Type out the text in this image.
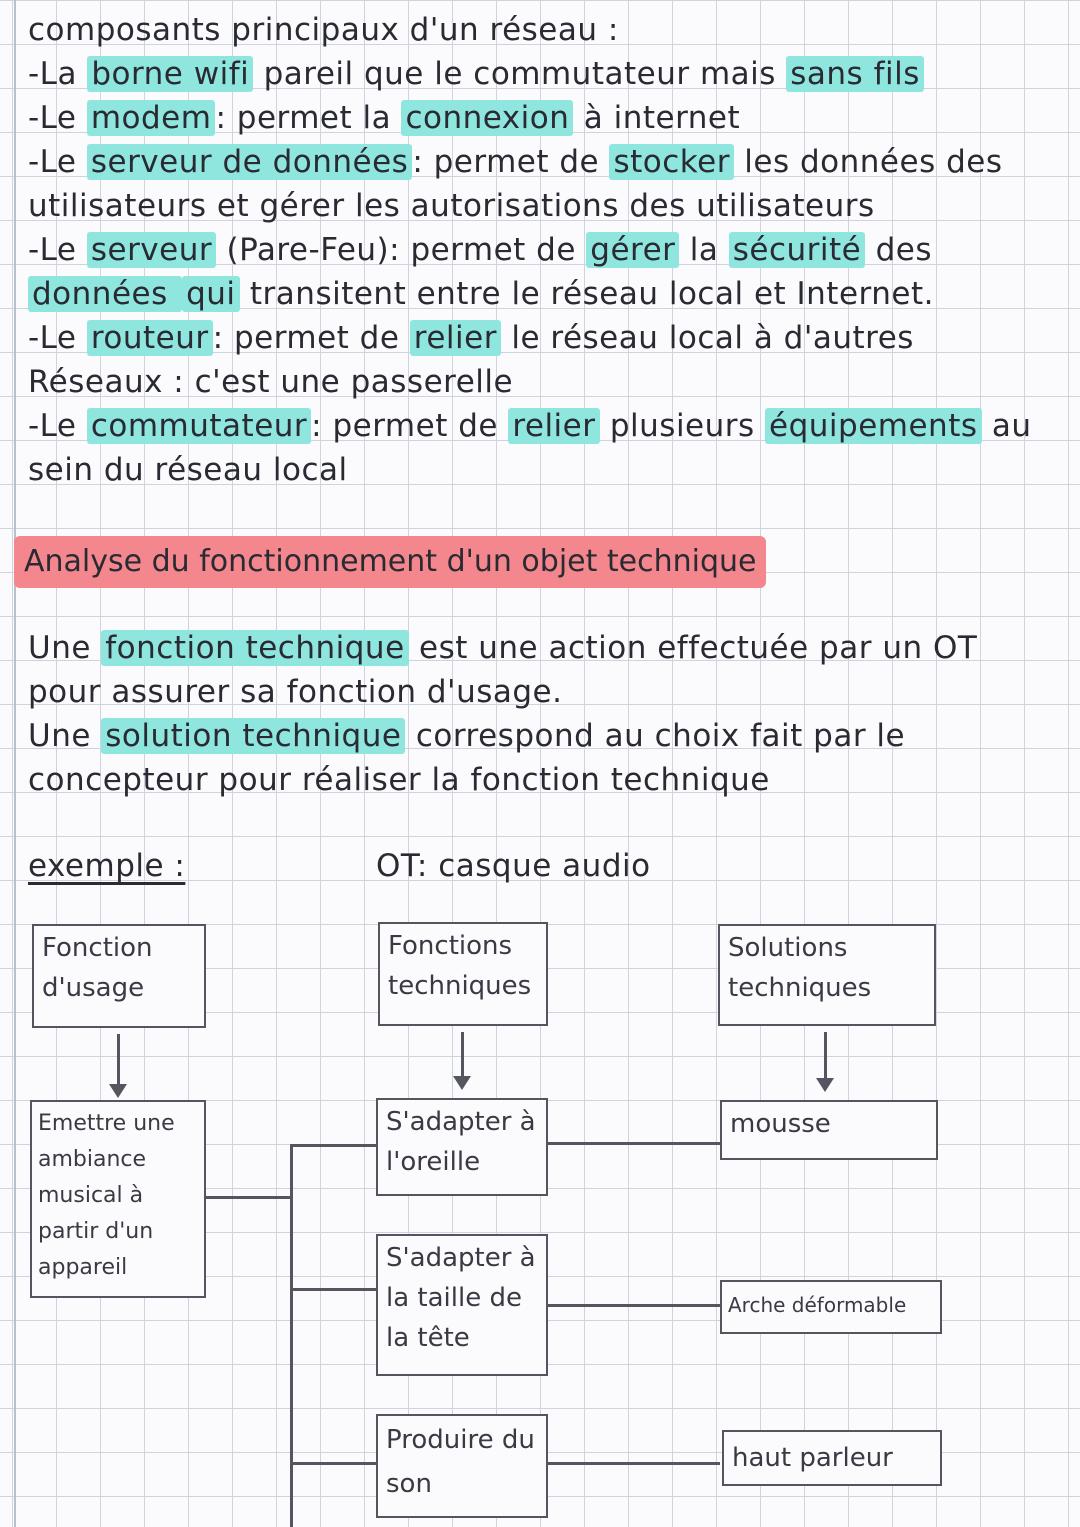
composants principaux d'un réseau :
-La borne wifi pareil que le commutateur mais sans fils
-Le modem : permet la connexion à internet
-Le serveur de données : permet de stocker les données des
utilisateurs et gérer les autorisations des utilisateurs
-Le serveur (Pare-Feu): permet de gérer la sécurité des
données qui transitent entre le réseau local et Internet.
-Le routeur : permet de relier le réseau local à d'autres
Réseaux : c'est une passerelle
-Le commutateur : permet de relier plusieurs équipements au
sein du réseau local
Analyse du fonctionnement d'un objet technique
Une fonction technique est une action effectuée par un OT
pour assurer sa fonction d'usage.
Une solution technique correspond au choix fait par le
concepteur pour réaliser la fonction technique
exemple :	OT: casque audio
Fonction d'usage
Fonctions techniques
Solutions techniques
Emettre une ambiance musical à partir d'un appareil
S'adapter à l'oreille
S'adapter à la taille de la tête
Produire du son
mousse
Arche déformable
haut parleur
